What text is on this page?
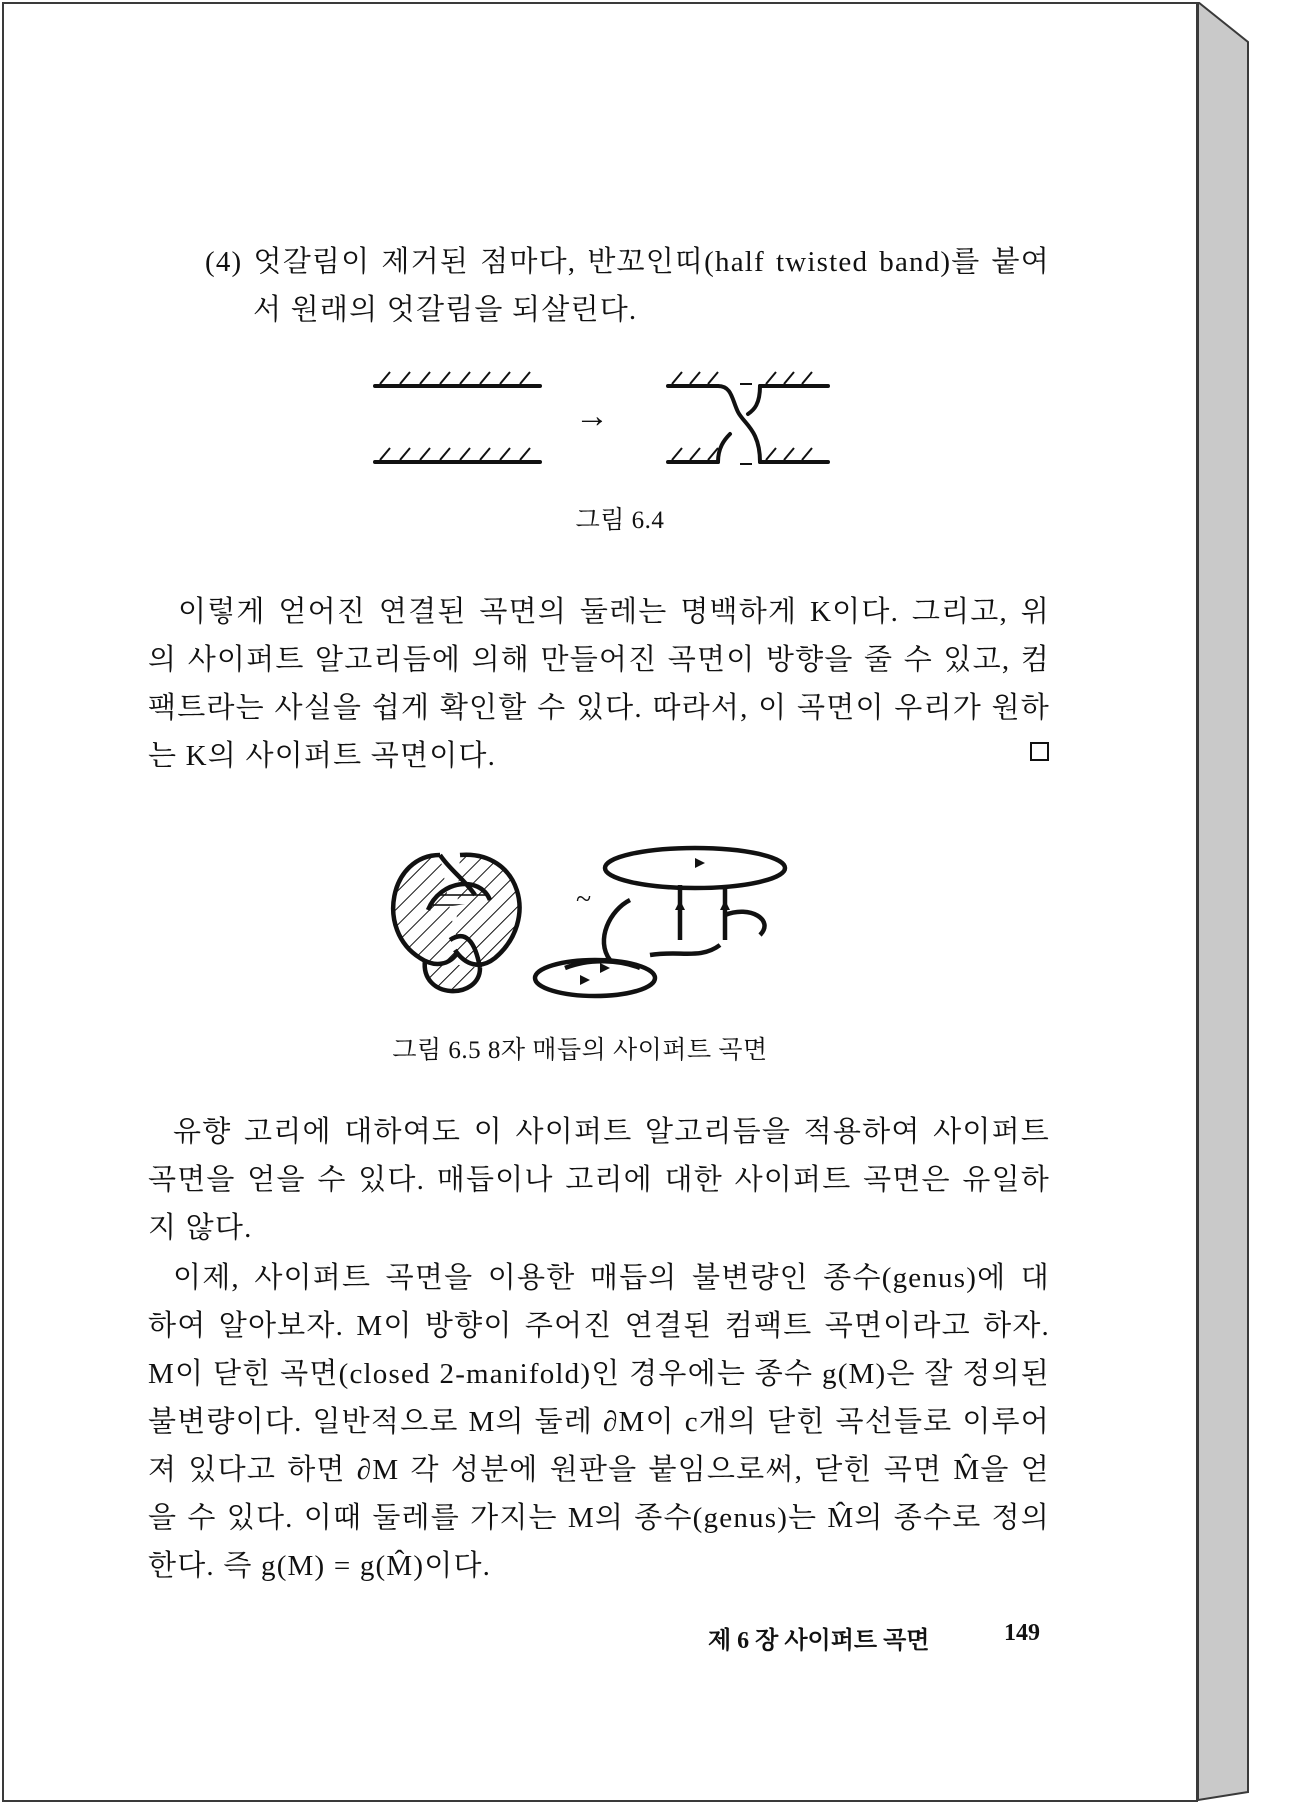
(4) 엇갈림이 제거된 점마다, 반꼬인띠(half twisted band)를 붙여
서 원래의 엇갈림을 되살린다.
→
그림 6.4
이렇게 얻어진 연결된 곡면의 둘레는 명백하게 K이다. 그리고, 위
의 사이퍼트 알고리듬에 의해 만들어진 곡면이 방향을 줄 수 있고, 컴
팩트라는 사실을 쉽게 확인할 수 있다. 따라서, 이 곡면이 우리가 원하
는 K의 사이퍼트 곡면이다.
~
그림 6.5 8자 매듭의 사이퍼트 곡면
유향 고리에 대하여도 이 사이퍼트 알고리듬을 적용하여 사이퍼트
곡면을 얻을 수 있다. 매듭이나 고리에 대한 사이퍼트 곡면은 유일하
지 않다.
이제, 사이퍼트 곡면을 이용한 매듭의 불변량인 종수(genus)에 대
하여 알아보자. M이 방향이 주어진 연결된 컴팩트 곡면이라고 하자.
M이 닫힌 곡면(closed 2-manifold)인 경우에는 종수 g(M)은 잘 정의된
불변량이다. 일반적으로 M의 둘레 ∂M이 c개의 닫힌 곡선들로 이루어
져 있다고 하면 ∂M 각 성분에 원판을 붙임으로써, 닫힌 곡면 M̂을 얻
을 수 있다. 이때 둘레를 가지는 M의 종수(genus)는 M̂의 종수로 정의
한다. 즉 g(M) = g(M̂)이다.
제 6 장 사이퍼트 곡면	149
